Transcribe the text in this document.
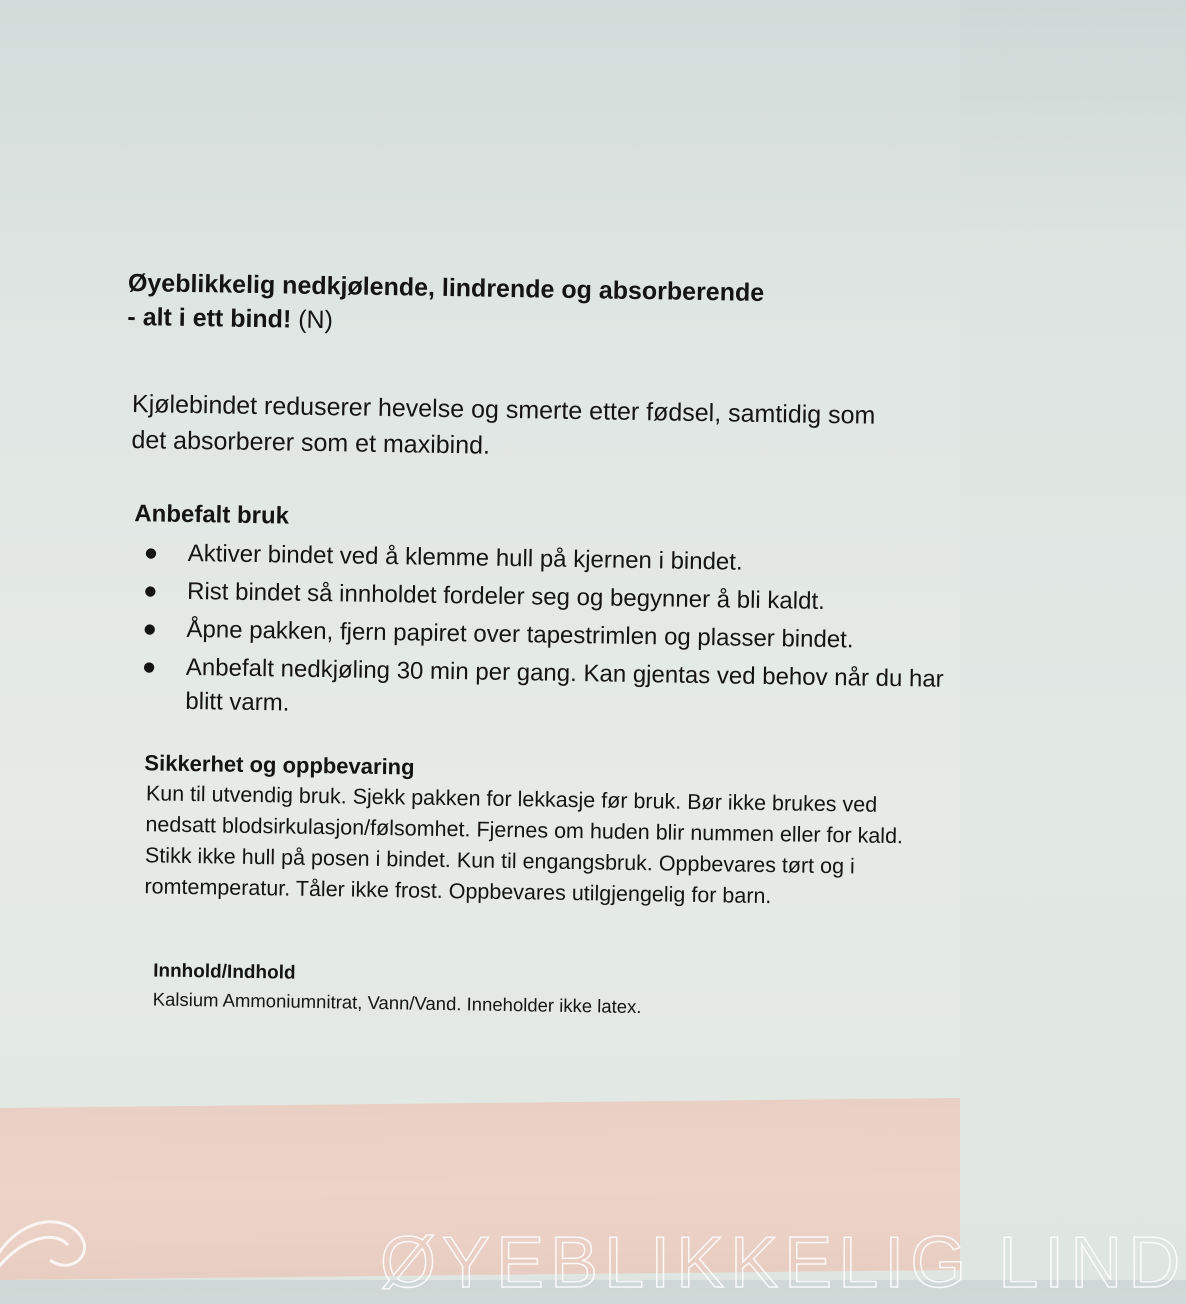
Øyeblikkelig nedkjølende, lindrende og absorberende
- alt i ett bind! (N)

Kjølebindet reduserer hevelse og smerte etter fødsel, samtidig som det absorberer som et maxibind.

Anbefalt bruk
● Aktiver bindet ved å klemme hull på kjernen i bindet.
● Rist bindet så innholdet fordeler seg og begynner å bli kaldt.
● Åpne pakken, fjern papiret over tapestrimlen og plasser bindet.
● Anbefalt nedkjøling 30 min per gang. Kan gjentas ved behov når du har blitt varm.
Sikkerhet og oppbevaring

Kun til utvendig bruk. Sjekk pakken for lekkasje før bruk. Bør ikke brukes ved nedsatt blodsirkulasjon/følsomhet. Fjernes om huden blir nummen eller for kald. Stikk ikke hull på posen i bindet. Kun til engangsbruk. Oppbevares tørt og i romtemperatur. Tåler ikke frost. Oppbevares utilgjengelig for barn.

Innhold/Indhold

Kalsium Ammoniumnitrat, Vann/Vand. Inneholder ikke latex.

ØYEBLIKKELIG LIND
